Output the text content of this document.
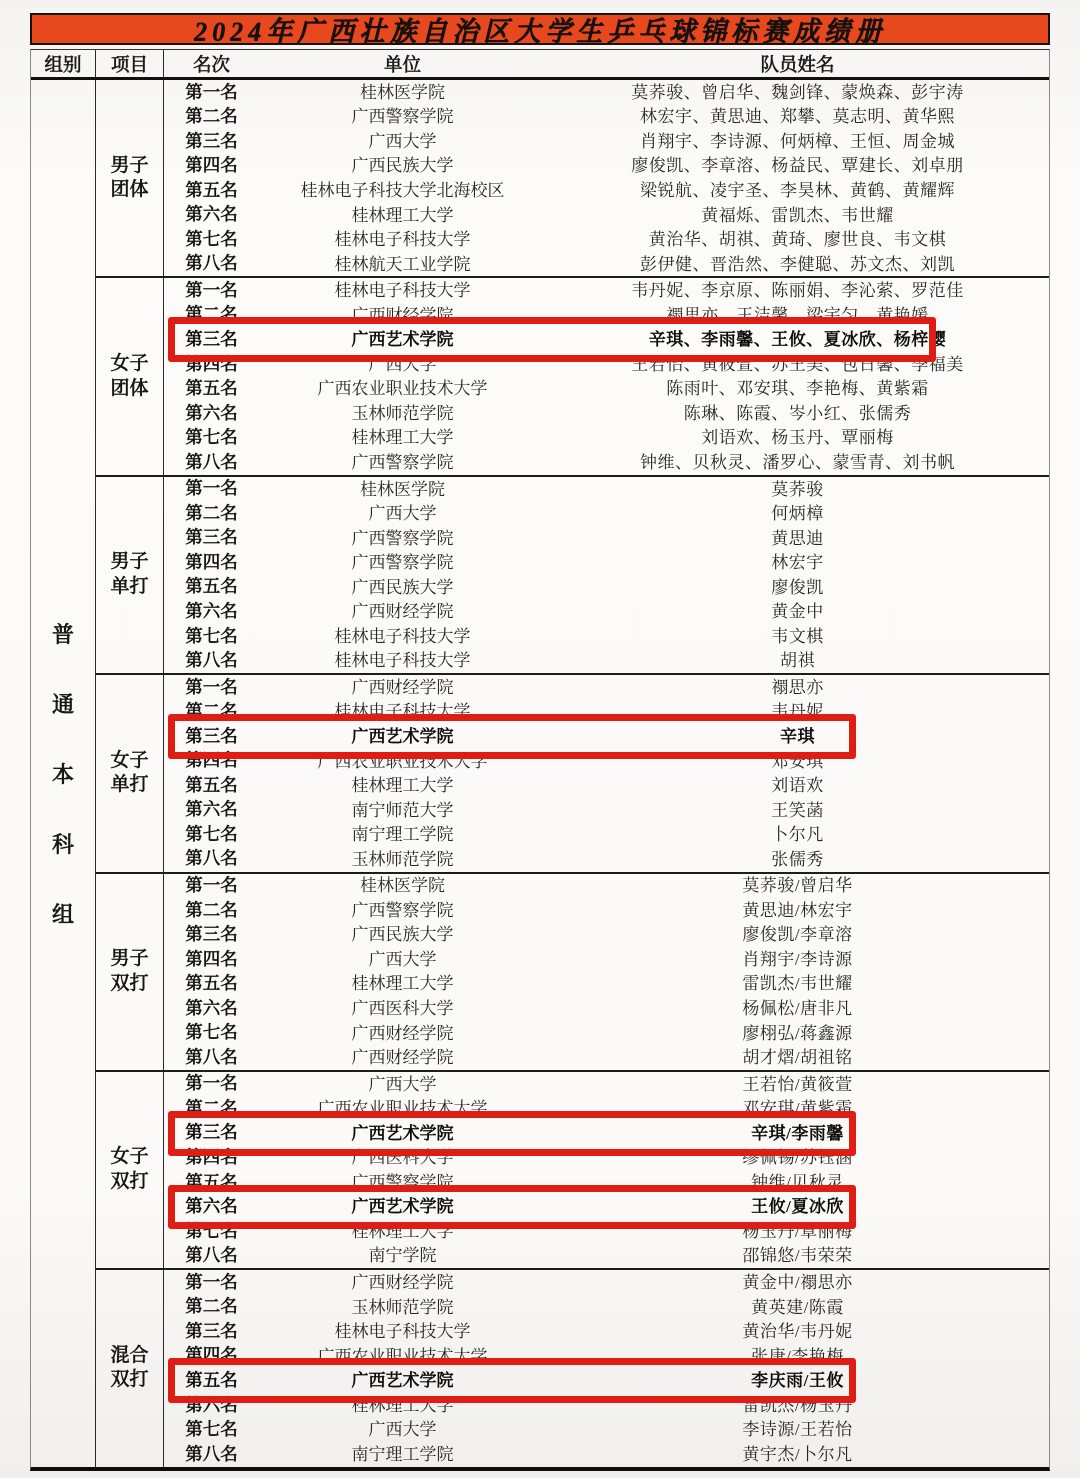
2024年广西壮族自治区大学生乒乓球锦标赛成绩册
组别	项目	名次	单位	队员姓名
普
通
本
科
组
男子
团体
第一名	桂林医学院	莫荞骏、曾启华、魏剑锋、蒙焕森、彭宇涛
第二名	广西警察学院	林宏宇、黄思迪、郑攀、莫志明、黄华熙
第三名	广西大学	肖翔宇、李诗源、何炳樟、王恒、周金城
第四名	广西民族大学	廖俊凯、李章溶、杨益民、覃建长、刘卓朋
第五名	桂林电子科技大学北海校区	梁锐航、凌宇圣、李昊林、黄鹤、黄耀辉
第六名	桂林理工大学	黄福烁、雷凯杰、韦世耀
第七名	桂林电子科技大学	黄治华、胡祺、黄琦、廖世良、韦文棋
第八名	桂林航天工业学院	彭伊健、晋浩然、李健聪、苏文杰、刘凯
女子
团体
第一名	桂林电子科技大学	韦丹妮、李京原、陈丽娟、李沁萦、罗范佳
第二名	广西财经学院	禤思亦、王洁馨、梁宇匀、黄艳媛
第三名	广西艺术学院	辛琪、李雨馨、王攸、夏冰欣、杨梓樱
第四名	广西大学	王若怡、黄筱萱、苏王美、包日馨、李福美
第五名	广西农业职业技术大学	陈雨叶、邓安琪、李艳梅、黄紫霜
第六名	玉林师范学院	陈琳、陈霞、岑小红、张儒秀
第七名	桂林理工大学	刘语欢、杨玉丹、覃丽梅
第八名	广西警察学院	钟维、贝秋灵、潘罗心、蒙雪青、刘书帆
男子
单打
第一名	桂林医学院	莫荞骏
第二名	广西大学	何炳樟
第三名	广西警察学院	黄思迪
第四名	广西警察学院	林宏宇
第五名	广西民族大学	廖俊凯
第六名	广西财经学院	黄金中
第七名	桂林电子科技大学	韦文棋
第八名	桂林电子科技大学	胡祺
女子
单打
第一名	广西财经学院	禤思亦
第二名	桂林电子科技大学	韦丹妮
第三名	广西艺术学院	辛琪
第四名	广西农业职业技术大学	邓安琪
第五名	桂林理工大学	刘语欢
第六名	南宁师范大学	王笑菡
第七名	南宁理工学院	卜尔凡
第八名	玉林师范学院	张儒秀
男子
双打
第一名	桂林医学院	莫荞骏/曾启华
第二名	广西警察学院	黄思迪/林宏宇
第三名	广西民族大学	廖俊凯/李章溶
第四名	广西大学	肖翔宇/李诗源
第五名	桂林理工大学	雷凯杰/韦世耀
第六名	广西医科大学	杨佩松/唐非凡
第七名	广西财经学院	廖栩弘/蒋鑫源
第八名	广西财经学院	胡才熠/胡祖铭
女子
双打
第一名	广西大学	王若怡/黄筱萱
第二名	广西农业职业技术大学	邓安琪/黄紫霜
第三名	广西艺术学院	辛琪/李雨馨
第四名	广西医科大学	缪佩锡/苏钰涵
第五名	广西警察学院	钟维/贝秋灵
第六名	广西艺术学院	王攸/夏冰欣
第七名	桂林理工大学	杨玉丹/覃丽梅
第八名	南宁学院	邵锦悠/韦荣荣
混合
双打
第一名	广西财经学院	黄金中/禤思亦
第二名	玉林师范学院	黄英建/陈霞
第三名	桂林电子科技大学	黄治华/韦丹妮
第四名	广西农业职业技术大学	张唐/李艳梅
第五名	广西艺术学院	李庆雨/王攸
第六名	桂林理工大学	雷凯杰/杨玉丹
第七名	广西大学	李诗源/王若怡
第八名	南宁理工学院	黄宇杰/卜尔凡
